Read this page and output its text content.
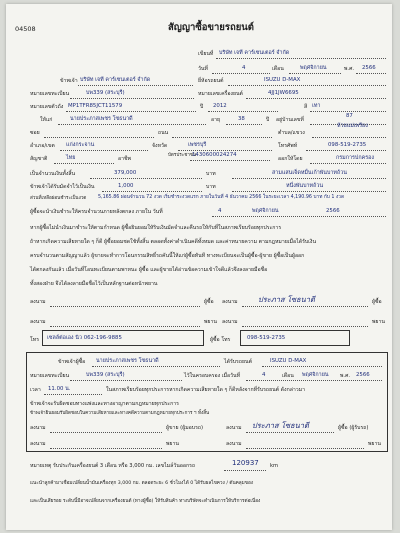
04508	สัญญาซื้อขายรถยนต์
เขียนที่ บริษัท เจที คาร์เซนเตอร์ จำกัด
วันที่	4	เดือน	พฤศจิกายน	พ.ศ. 2566
ข้าพเจ้า บริษัท เจที คาร์เซนเตอร์ จำกัด	ยี่ห้อรถยนต์	ISUZU D-MAX
หมายเลขทะเบียน	บพ339 (สระบุรี)	หมายเลขเครื่องยนต์	4JJ1JW6695
หมายเลขตัวถัง MP1TFR85JCT11579	ปี 2012	สี เทา
ให้แก่	นายประภาสเพชร โซธนาดี	อายุ	38	ปี อยู่บ้านเลขที่
87
ซอย	ถนน	ตำบล/แขวง
ห้วยแม่เพรียง
อำเภอ/เขต แก่งกระจาน	จังหวัด	เพชรบุรี	โทรศัพท์	098-519-2735
สัญชาติ	ไทย	อาชีพ
บัตรประชาชน
1430600024274
ออกให้โดย	กรมการปกครอง
เป็นจำนวนเงินทั้งสิ้น	379,000	บาท	สามแสนเจ็ดหมื่นเก้าพันบาทถ้วน
ข้าพเจ้าได้รับมัดจำไว้เป็นเงิน	1,000	บาท	หนึ่งพันบาทถ้วน
ส่วนที่เหลือผ่อนชำระเป็นงวด 5,165.86 ผ่อนจำนวน 72 งวด เริ่มชำระงวดแรก ภายในวันที่ 4 ธันวาคม 2566 ในระยะเวลา 4,190.96 บาท กับ 1 งวด
ผู้ซื้อจะนำเงินชำระให้ครบจำนวนภายหลังตกลง ภายใน วันที่	4	พฤศจิกายน	2566
หากผู้ซื้อไม่นำเงินมาชำระให้ตามกำหนด ผู้ซื้อยินยอมให้ริบเงินมัดจำและคืนรถให้กับที่ในสภาพเรียบร้อยทุกประการ
ถ้าหากเกิดความเสียหายใด ๆ ก็ดี ผู้ซื้อยอมชดใช้ทั้งสิ้น ตลอดทั้งค่าดำเนินคดีทั้งหมด และค่าทนายความ ตามกฎหมายเมื่อได้รับเงิน
ครบจำนวนตามสัญญาแล้ว ผู้ขายจะทำการโอนกรรมสิทธิ์รถคันนี้ให้แก่ผู้ซื้อทันที ทางทะเบียนจะเป็นผู้ซื้อ-ผู้ขาย ผู้ซื้อเป็นผู้ออก
ได้ตกลงกันแล้ว เมื่อวันที่โอนทะเบียนตามพาหนะ ผู้ซื้อ และผู้ขายได้อ่านข้อความเข้าใจดีแล้วจึงลงลายมือชื่อ
ทั้งสองฝ่าย จึงได้ลงลายมือชื่อไว้เป็นหลักฐานต่อหน้าพยาน
ลงนาม	ผู้ซื้อ ลงนาม	ประภาส โซธนาดี	ผู้ซื้อ
ลงนาม	พยาน ลงนาม	พยาน
โทร เซลล์ต่อเอง นิว 062-196-9885	ผู้ซื้อ โทร	098-519-2735
ข้าพเจ้าผู้ซื้อ นายประภาสเพชร โซธนาดี	ได้รับรถยนต์	ISUZU D-MAX
หมายเลขทะเบียน	บพ339 (สระบุรี)	ไว้ในครอบครอง เมื่อวันที่	4	เดือน พฤศจิกายน พ.ศ. 2566
เวลา 11.00 น.	ในสภาพเรียบร้อยทุกประการหากเกิดความเสียหายใด ๆ ก็ดีหลังจากที่รับรถยนต์ ดังกล่าวมา
ข้าพเจ้าจะรับผิดชอบทางแพ่งและทางอาญาตามกฎหมายทุกประการ
ข้าพเจ้ายินยอมรับผิดชอบในความเสียหายและทางคดีความตามกฎหมายทุกประการ ฯ ทั้งสิ้น
ลงนาม	ผู้ขาย (ผู้มอบรถ)	ลงนาม ประภาส โซธนาดี	ผู้ซื้อ (ผู้รับรถ)
ลงนาม	พยาน	ลงนาม	พยาน
หมายเหตุ รับประกันเครื่องยนต์ 3 เดือน หรือ 3,000 กม. เลขไมล์วันออกรถ	120937 km
แนะนำลูกค้ามาเชื่อมเปลี่ยนน้ำมันเครื่องทุก 3,000 กม. ตลอดระยะ 6 ชั่วโมงได้ 0 ได้รับผลไขควง / ตันคลุมของ
และเป็นเสียรอย ระดับนี้มีอาจเปลี่ยนจากเครื่องยนต์ (ทางผู้ซื้อ) ให้รับสินค้า ทางบริษัทจะดำเนินการให้บริการต่อเนื่อง
